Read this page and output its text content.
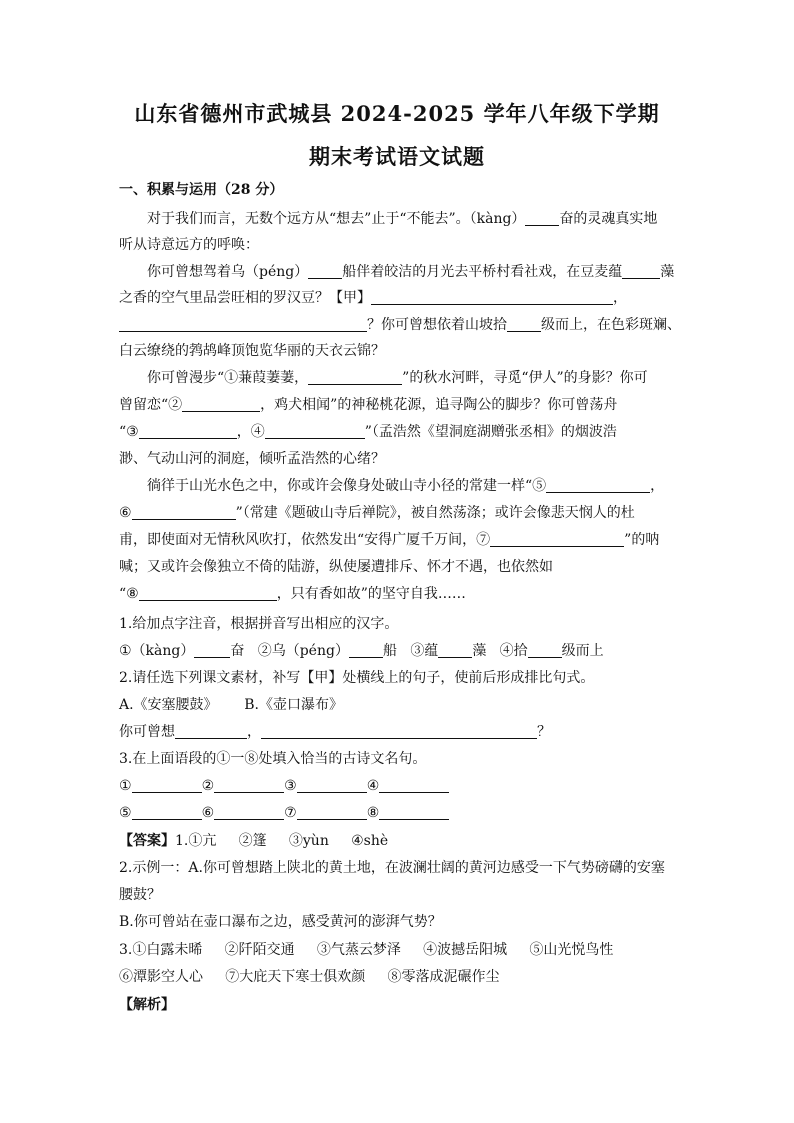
山东省德州市武城县 2024-2025 学年八年级下学期
期末考试语文试题
一、积累与运用（28 分）
对于我们而言，无数个远方从“想去”止于“不能去”。（kàng） 奋的灵魂真实地
听从诗意远方的呼唤：
你可曾想驾着乌（péng） 船伴着皎洁的月光去平桥村看社戏，在豆麦蕴	藻
之香的空气里品尝旺相的罗汉豆？【甲】	，
？你可曾想依着山坡拾 级而上，在色彩斑斓、
白云缭绕的鹁鸪峰顶饱览华丽的天衣云锦？
你可曾漫步“①蒹葭萋萋，	”的秋水河畔，寻觅“伊人”的身影？你可
曾留恋“②	，鸡犬相闻”的神秘桃花源，追寻陶公的脚步？你可曾荡舟
“③	，④	”（孟浩然《望洞庭湖赠张丞相》的烟波浩
渺、气动山河的洞庭，倾听孟浩然的心绪？
徜徉于山光水色之中，你或许会像身处破山寺小径的常建一样“⑤	，
⑥	”（常建《题破山寺后禅院》，被自然荡涤；或许会像悲天悯人的杜
甫，即使面对无情秋风吹打，依然发出“安得广厦千万间，⑦	”的呐
喊；又或许会像独立不倚的陆游，纵使屡遭排斥、怀才不遇，也依然如
“⑧	，只有香如故”的坚守自我……
1.给加点字注音，根据拼音写出相应的汉字。
①（kàng）	奋 ②乌（péng） 船 ③蕴 藻 ④拾 级而上
2.请任选下列课文素材，补写【甲】处横线上的句子，使前后形成排比句式。
A.《安塞腰鼓》      B.《壶口瀑布》
你可曾想	，	？
3.在上面语段的①一⑧处填入恰当的古诗文名句。
①	②	③	④
⑤	⑥	⑦	⑧
【答案】1.①亢 ②篷 ③yùn ④shè
2.示例一：A.你可曾想踏上陕北的黄土地，在波澜壮阔的黄河边感受一下气势磅礴的安塞
腰鼓？
B.你可曾站在壶口瀑布之边，感受黄河的澎湃气势？
3.①白露未晞 ②阡陌交通 ③气蒸云梦泽 ④波撼岳阳城 ⑤山光悦鸟性
⑥潭影空人心 ⑦大庇天下寒士俱欢颜 ⑧零落成泥碾作尘
【解析】
